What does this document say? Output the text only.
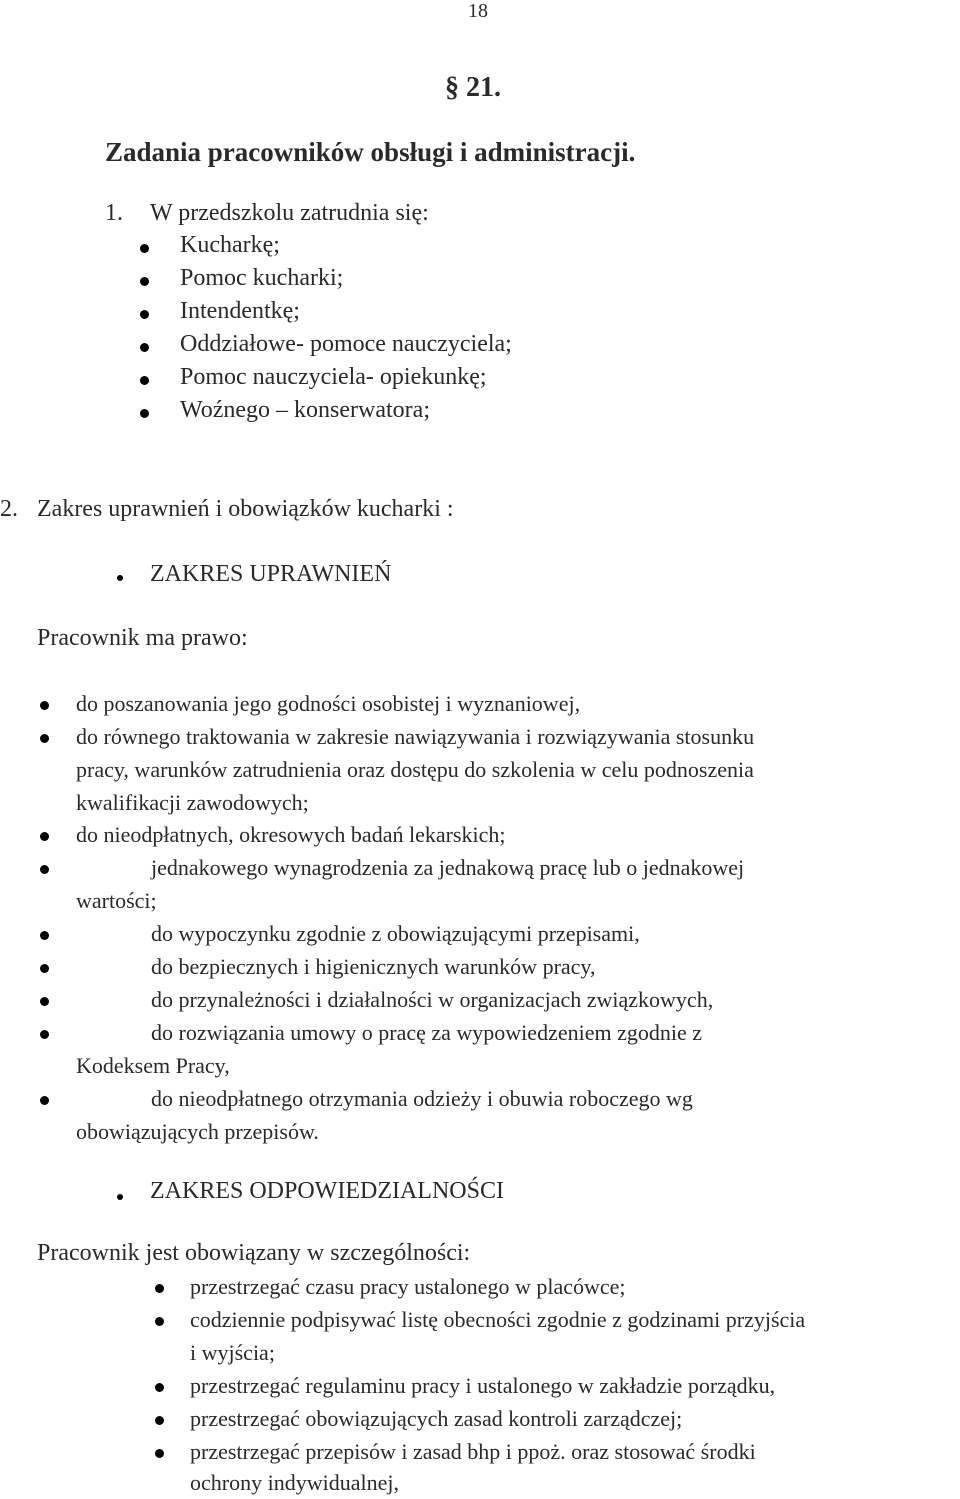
18
§ 21.
Zadania pracowników obsługi i administracji.
1. W przedszkolu zatrudnia się:
Kucharkę;
Pomoc kucharki;
Intendentkę;
Oddziałowe- pomoce nauczyciela;
Pomoc nauczyciela- opiekunkę;
Woźnego – konserwatora;
2. Zakres uprawnień i obowiązków kucharki :
ZAKRES UPRAWNIEŃ
Pracownik ma prawo:
do poszanowania jego godności osobistej i wyznaniowej,
do równego traktowania w zakresie nawiązywania i rozwiązywania stosunku
pracy, warunków zatrudnienia oraz dostępu do szkolenia w celu podnoszenia
kwalifikacji zawodowych;
do nieodpłatnych, okresowych badań lekarskich;
jednakowego wynagrodzenia za jednakową pracę lub o jednakowej
wartości;
do wypoczynku zgodnie z obowiązującymi przepisami,
do bezpiecznych i higienicznych warunków pracy,
do przynależności i działalności w organizacjach związkowych,
do rozwiązania umowy o pracę za wypowiedzeniem zgodnie z
Kodeksem Pracy,
do nieodpłatnego otrzymania odzieży i obuwia roboczego wg
obowiązujących przepisów.
ZAKRES ODPOWIEDZIALNOŚCI
Pracownik jest obowiązany w szczególności:
przestrzegać czasu pracy ustalonego w placówce;
codziennie podpisywać listę obecności zgodnie z godzinami przyjścia
i wyjścia;
przestrzegać regulaminu pracy i ustalonego w zakładzie porządku,
przestrzegać obowiązujących zasad kontroli zarządczej;
przestrzegać przepisów i zasad bhp i ppoż. oraz stosować środki
ochrony indywidualnej,
